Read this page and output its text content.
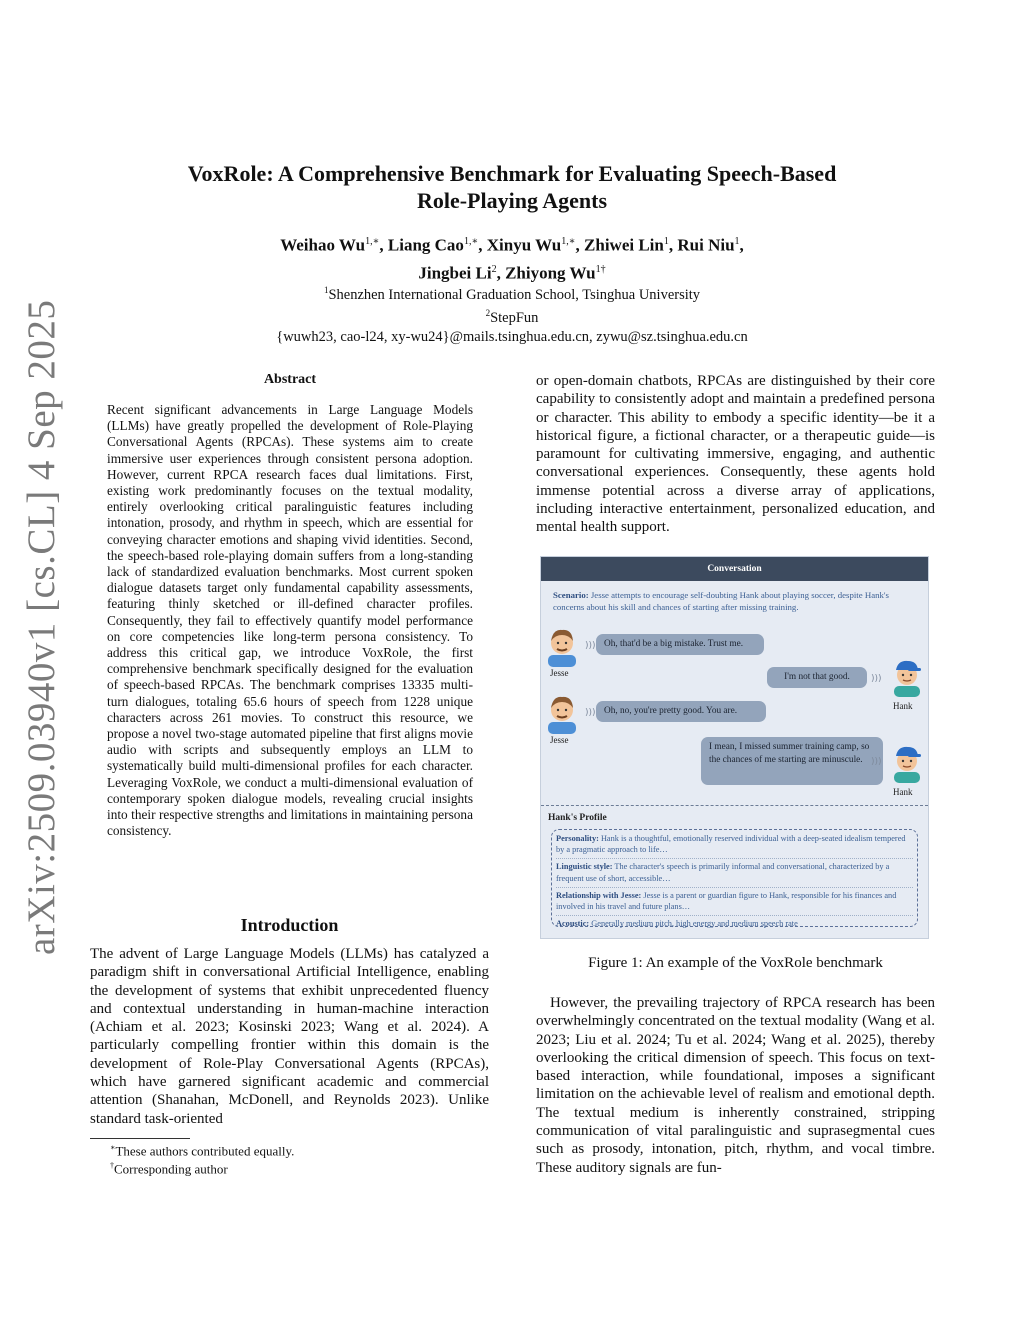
arXiv:2509.03940v1 [cs.CL] 4 Sep 2025
VoxRole: A Comprehensive Benchmark for Evaluating Speech-Based
Role-Playing Agents
Weihao $Wu^{1,∗}$, Liang Cao$^{1,∗}$, Xinyu $Wu^{1,∗}$, Zhiwei Lin$^1$, Rui Niu$^1$,
Jingbei Li$^2$, Zhiyong $Wu^{1\dagger}$
$^1$Shenzhen International Graduation School, Tsinghua University
$^2$StepFun
{wuwh23, cao-l24, xy-wu24}@mails.tsinghua.edu.cn, zywu@sz.tsinghua.edu.cn
Abstract
Recent significant advancements in Large Language Models (LLMs) have greatly propelled the development of Role-Playing Conversational Agents (RPCAs). These systems aim to create immersive user experiences through consistent persona adoption. However, current RPCA research faces dual limitations. First, existing work predominantly focuses on the textual modality, entirely overlooking critical paralinguistic features including intonation, prosody, and rhythm in speech, which are essential for conveying character emotions and shaping vivid identities. Second, the speech-based role-playing domain suffers from a long-standing lack of standardized evaluation benchmarks. Most current spoken dialogue datasets target only fundamental capability assessments, featuring thinly sketched or ill-defined character profiles. Consequently, they fail to effectively quantify model performance on core competencies like long-term persona consistency. To address this critical gap, we introduce VoxRole, the first comprehensive benchmark specifically designed for the evaluation of speech-based RPCAs. The benchmark comprises 13335 multi-turn dialogues, totaling 65.6 hours of speech from 1228 unique characters across 261 movies. To construct this resource, we propose a novel two-stage automated pipeline that first aligns movie audio with scripts and subsequently employs an LLM to systematically build multi-dimensional profiles for each character. Leveraging VoxRole, we conduct a multi-dimensional evaluation of contemporary spoken dialogue models, revealing crucial insights into their respective strengths and limitations in maintaining persona consistency.
Introduction
The advent of Large Language Models (LLMs) has catalyzed a paradigm shift in conversational Artificial Intelligence, enabling the development of systems that exhibit unprecedented fluency and contextual understanding in human-machine interaction (Achiam et al. 2023; Kosinski 2023; Wang et al. 2024). A particularly compelling frontier within this domain is the development of Role-Play Conversational Agents (RPCAs), which have garnered significant academic and commercial attention (Shanahan, McDonell, and Reynolds 2023). Unlike standard task-oriented
∗These authors contributed equally.
†Corresponding author
or open-domain chatbots, RPCAs are distinguished by their core capability to consistently adopt and maintain a predefined persona or character. This ability to embody a specific identity—be it a historical figure, a fictional character, or a therapeutic guide—is paramount for cultivating immersive, engaging, and authentic conversational experiences. Consequently, these agents hold immense potential across a diverse array of applications, including interactive entertainment, personalized education, and mental health support.
Conversation
Scenario: Jesse attempts to encourage self-doubting Hank about playing soccer, despite Hank's concerns about his skill and chances of starting after missing training.
Jesse
))) Oh, that'd be a big mistake. Trust me.
Hank
I'm not that good.	)))
Jesse
))) Oh, no, you're pretty good. You are.
Hank
I mean, I missed summer training camp, so the chances of me starting are minuscule. )))
Hank's Profile
Personality: Hank is a thoughtful, emotionally reserved individual with a deep-seated idealism tempered by a pragmatic approach to life…
Linguistic style: The character's speech is primarily informal and conversational, characterized by a frequent use of short, accessible…
Relationship with Jesse: Jesse is a parent or guardian figure to Hank, responsible for his finances and involved in his travel and future plans…
Acoustic: Generally medium pitch, high energy and medium speech rate
Figure 1: An example of the VoxRole benchmark
However, the prevailing trajectory of RPCA research has been overwhelmingly concentrated on the textual modality (Wang et al. 2023; Liu et al. 2024; Tu et al. 2024; Wang et al. 2025), thereby overlooking the critical dimension of speech. This focus on text-based interaction, while foundational, imposes a significant limitation on the achievable level of realism and emotional depth. The textual medium is inherently constrained, stripping communication of vital paralinguistic and suprasegmental cues such as prosody, intonation, pitch, rhythm, and vocal timbre. These auditory signals are fun-
